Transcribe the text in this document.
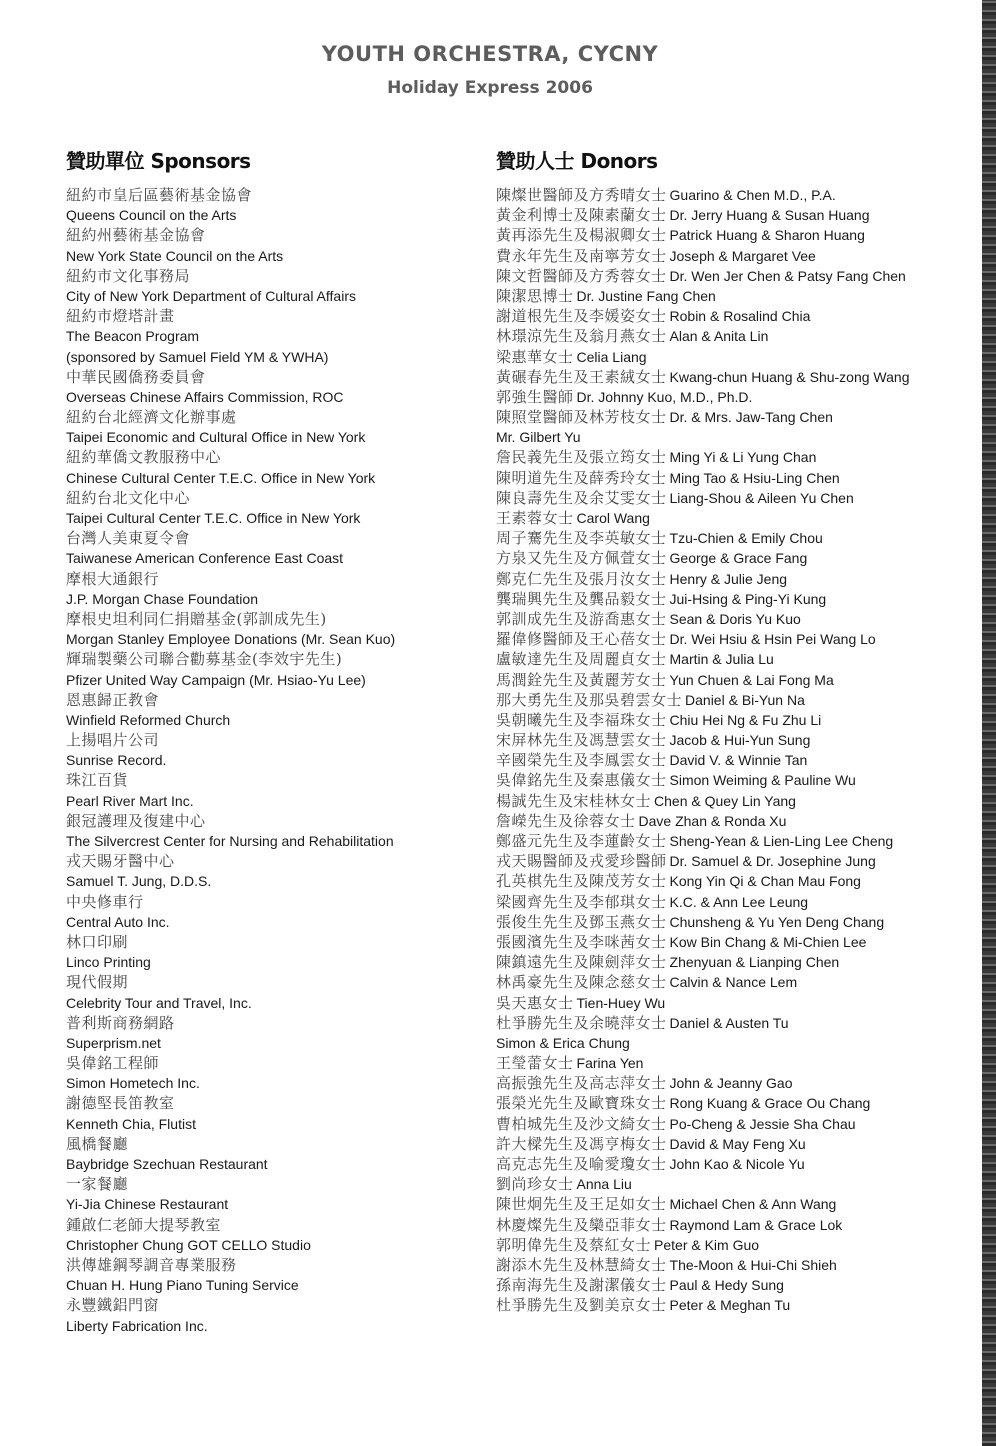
YOUTH ORCHESTRA, CYCNY
Holiday Express 2006
贊助單位 Sponsors
紐約市皇后區藝術基金協會
Queens Council on the Arts
紐約州藝術基金協會
New York State Council on the Arts
紐約市文化事務局
City of New York Department of Cultural Affairs
紐約市燈塔計畫
The Beacon Program
(sponsored by Samuel Field YM & YWHA)
中華民國僑務委員會
Overseas Chinese Affairs Commission, ROC
紐約台北經濟文化辦事處
Taipei Economic and Cultural Office in New York
紐約華僑文教服務中心
Chinese Cultural Center T.E.C. Office in New York
紐約台北文化中心
Taipei Cultural Center T.E.C. Office in New York
台灣人美東夏令會
Taiwanese American Conference East Coast
摩根大通銀行
J.P. Morgan Chase Foundation
摩根史坦利同仁捐贈基金(郭訓成先生)
Morgan Stanley Employee Donations (Mr. Sean Kuo)
輝瑞製藥公司聯合勸募基金(李效宇先生)
Pfizer United Way Campaign (Mr. Hsiao-Yu Lee)
恩惠歸正教會
Winfield Reformed Church
上揚唱片公司
Sunrise Record.
珠江百貨
Pearl River Mart Inc.
銀冠護理及復建中心
The Silvercrest Center for Nursing and Rehabilitation
戎天賜牙醫中心
Samuel T. Jung, D.D.S.
中央修車行
Central Auto Inc.
林口印刷
Linco Printing
現代假期
Celebrity Tour and Travel, Inc.
普利斯商務網路
Superprism.net
吳偉銘工程師
Simon Hometech Inc.
謝德堅長笛教室
Kenneth Chia, Flutist
風橋餐廳
Baybridge Szechuan Restaurant
一家餐廳
Yi-Jia Chinese Restaurant
鍾啟仁老師大提琴教室
Christopher Chung GOT CELLO Studio
洪傳雄鋼琴調音專業服務
Chuan H. Hung Piano Tuning Service
永豐鐵鋁門窗
Liberty Fabrication Inc.
贊助人士 Donors
陳燦世醫師及方秀晴女士 Guarino & Chen M.D., P.A.
黃金利博士及陳素蘭女士 Dr. Jerry Huang & Susan Huang
黃再添先生及楊淑卿女士 Patrick Huang & Sharon Huang
費永年先生及南寧芳女士 Joseph & Margaret Vee
陳文哲醫師及方秀蓉女士 Dr. Wen Jer Chen & Patsy Fang Chen
陳潔思博士 Dr. Justine Fang Chen
謝道根先生及李媛姿女士 Robin & Rosalind Chia
林璟涼先生及翁月燕女士 Alan & Anita Lin
梁惠華女士 Celia Liang
黃碾春先生及王素絨女士 Kwang-chun Huang & Shu-zong Wang
郭強生醫師 Dr. Johnny Kuo, M.D., Ph.D.
陳照堂醫師及林芳枝女士 Dr. & Mrs. Jaw-Tang Chen
Mr. Gilbert Yu
詹民義先生及張立筠女士 Ming Yi & Li Yung Chan
陳明道先生及薛秀玲女士 Ming Tao & Hsiu-Ling Chen
陳良壽先生及余艾雯女士 Liang-Shou & Aileen Yu Chen
王素蓉女士 Carol Wang
周子騫先生及李英敏女士 Tzu-Chien & Emily Chou
方泉又先生及方佩萱女士 George & Grace Fang
鄭克仁先生及張月汝女士 Henry & Julie Jeng
龔瑞興先生及龔品毅女士 Jui-Hsing & Ping-Yi Kung
郭訓成先生及游喬惠女士 Sean & Doris Yu Kuo
羅偉修醫師及王心蓓女士 Dr. Wei Hsiu & Hsin Pei Wang Lo
盧敏達先生及周麗貞女士 Martin & Julia Lu
馬潤銓先生及黃麗芳女士 Yun Chuen & Lai Fong Ma
那大勇先生及那吳碧雲女士 Daniel & Bi-Yun Na
吳朝曦先生及李福珠女士 Chiu Hei Ng & Fu Zhu Li
宋屏林先生及馮慧雲女士 Jacob & Hui-Yun Sung
辛國榮先生及李鳳雲女士 David V. & Winnie Tan
吳偉銘先生及秦惠儀女士 Simon Weiming & Pauline Wu
楊誠先生及宋桂林女士 Chen & Quey Lin Yang
詹嶸先生及徐蓉女士 Dave Zhan & Ronda Xu
鄭盛元先生及李蓮齡女士 Sheng-Yean & Lien-Ling Lee Cheng
戎天賜醫師及戎愛珍醫師 Dr. Samuel & Dr. Josephine Jung
孔英棋先生及陳茂芳女士 Kong Yin Qi & Chan Mau Fong
梁國齊先生及李郁琪女士 K.C. & Ann Lee Leung
張俊生先生及鄧玉燕女士 Chunsheng & Yu Yen Deng Chang
張國濱先生及李咪茜女士 Kow Bin Chang & Mi-Chien Lee
陳鎮遠先生及陳劍萍女士 Zhenyuan & Lianping Chen
林禹豪先生及陳念慈女士 Calvin & Nance Lem
吳天惠女士 Tien-Huey Wu
杜爭勝先生及余曉萍女士 Daniel & Austen Tu
Simon & Erica Chung
王瑩蕾女士 Farina Yen
高振強先生及高志萍女士 John & Jeanny Gao
張榮光先生及歐寶珠女士 Rong Kuang & Grace Ou Chang
曹柏城先生及沙文綺女士 Po-Cheng & Jessie Sha Chau
許大樑先生及馮亨梅女士 David & May Feng Xu
高克志先生及喻愛瓊女士 John Kao & Nicole Yu
劉尚珍女士 Anna Liu
陳世炯先生及王足如女士 Michael Chen & Ann Wang
林慶燦先生及欒亞菲女士 Raymond Lam & Grace Lok
郭明偉先生及蔡紅女士 Peter & Kim Guo
謝添木先生及林慧綺女士 The-Moon & Hui-Chi Shieh
孫南海先生及謝潔儀女士 Paul & Hedy Sung
杜爭勝先生及劉美京女士 Peter & Meghan Tu
